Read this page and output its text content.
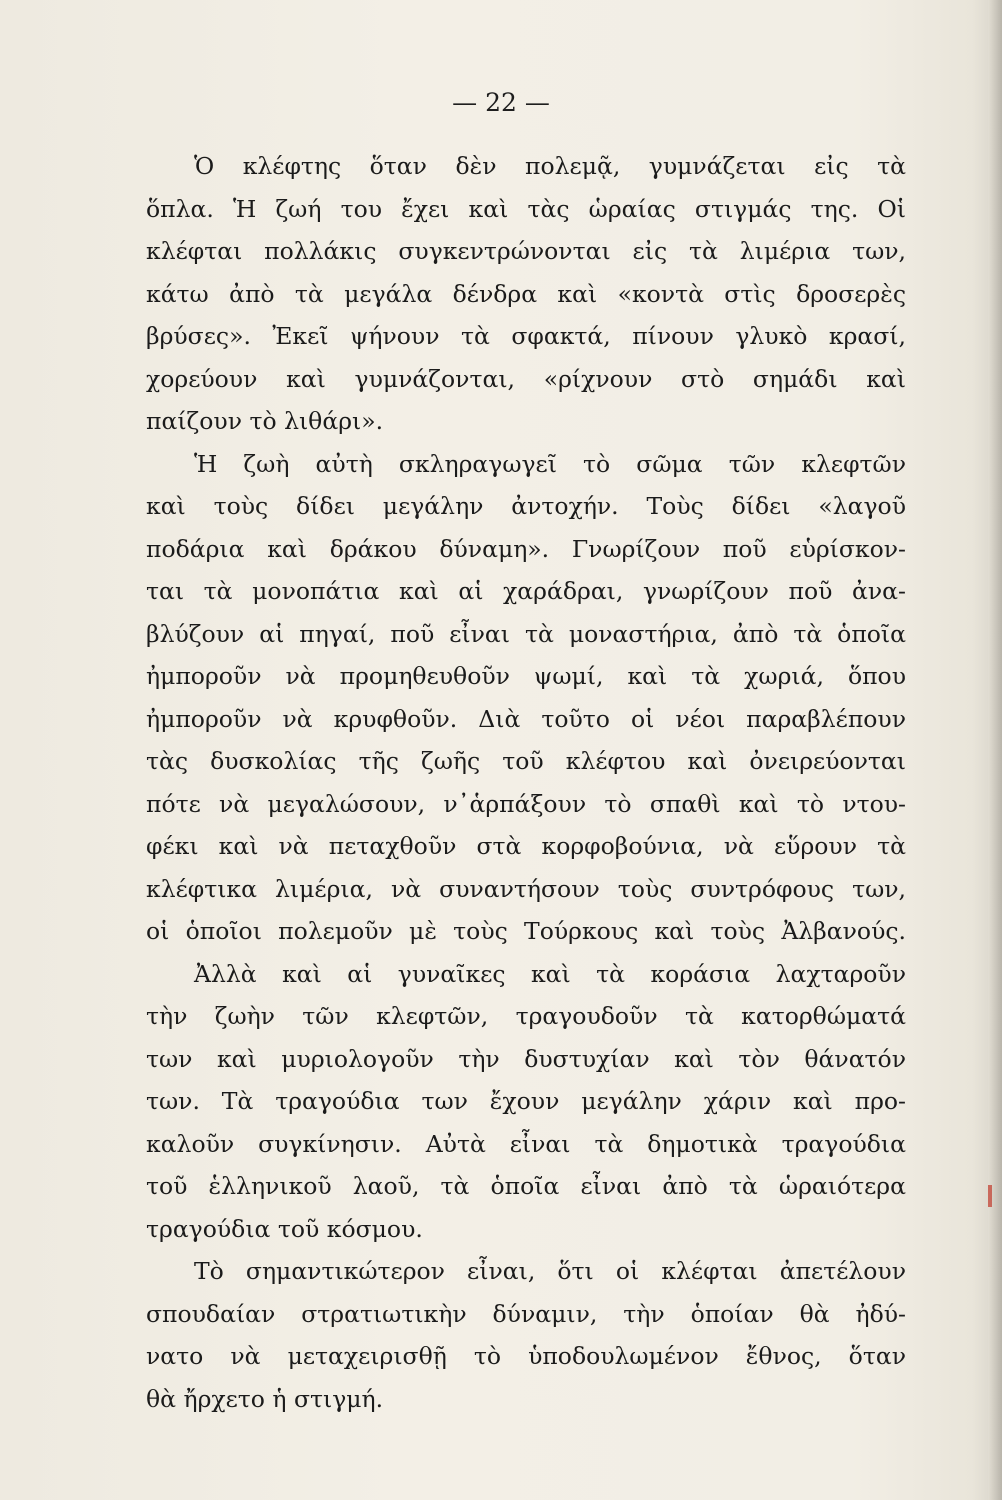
— 22 —
Ὁ κλέφτης ὅταν δὲν πολεμᾷ, γυμνάζεται εἰς τὰ
ὅπλα. Ἡ ζωή του ἔχει καὶ τὰς ὡραίας στιγμάς της. Οἱ
κλέφται πολλάκις συγκεντρώνονται εἰς τὰ λιμέρια των,
κάτω ἀπὸ τὰ μεγάλα δένδρα καὶ «κοντὰ στὶς δροσερὲς
βρύσες». Ἐκεῖ ψήνουν τὰ σφακτά, πίνουν γλυκὸ κρασί,
χορεύουν καὶ γυμνάζονται, «ρίχνουν στὸ σημάδι καὶ
παίζουν τὸ λιθάρι».
Ἡ ζωὴ αὐτὴ σκληραγωγεῖ τὸ σῶμα τῶν κλεφτῶν
καὶ τοὺς δίδει μεγάλην ἀντοχήν. Τοὺς δίδει «λαγοῦ
ποδάρια καὶ δράκου δύναμη». Γνωρίζουν ποῦ εὑρίσκον-
ται τὰ μονοπάτια καὶ αἱ χαράδραι, γνωρίζουν ποῦ ἀνα-
βλύζουν αἱ πηγαί, ποῦ εἶναι τὰ μοναστήρια, ἀπὸ τὰ ὁποῖα
ἠμποροῦν νὰ προμηθευθοῦν ψωμί, καὶ τὰ χωριά, ὅπου
ἠμποροῦν νὰ κρυφθοῦν. Διὰ τοῦτο οἱ νέοι παραβλέπουν
τὰς δυσκολίας τῆς ζωῆς τοῦ κλέφτου καὶ ὀνειρεύονται
πότε νὰ μεγαλώσουν, ν᾿ἁρπάξουν τὸ σπαθὶ καὶ τὸ ντου-
φέκι καὶ νὰ πεταχθοῦν στὰ κορφοβούνια, νὰ εὕρουν τὰ
κλέφτικα λιμέρια, νὰ συναντήσουν τοὺς συντρόφους των,
οἱ ὁποῖοι πολεμοῦν μὲ τοὺς Τούρκους καὶ τοὺς Ἀλβανούς.
Ἀλλὰ καὶ αἱ γυναῖκες καὶ τὰ κοράσια λαχταροῦν
τὴν ζωὴν τῶν κλεφτῶν, τραγουδοῦν τὰ κατορθώματά
των καὶ μυριολογοῦν τὴν δυστυχίαν καὶ τὸν θάνατόν
των. Τὰ τραγούδια των ἔχουν μεγάλην χάριν καὶ προ-
καλοῦν συγκίνησιν. Αὐτὰ εἶναι τὰ δημοτικὰ τραγούδια
τοῦ ἑλληνικοῦ λαοῦ, τὰ ὁποῖα εἶναι ἀπὸ τὰ ὡραιότερα
τραγούδια τοῦ κόσμου.
Τὸ σημαντικώτερον εἶναι, ὅτι οἱ κλέφται ἀπετέλουν
σπουδαίαν στρατιωτικὴν δύναμιν, τὴν ὁποίαν θὰ ἠδύ-
νατο νὰ μεταχειρισθῇ τὸ ὑποδουλωμένον ἔθνος, ὅταν
θὰ ἤρχετο ἡ στιγμή.
